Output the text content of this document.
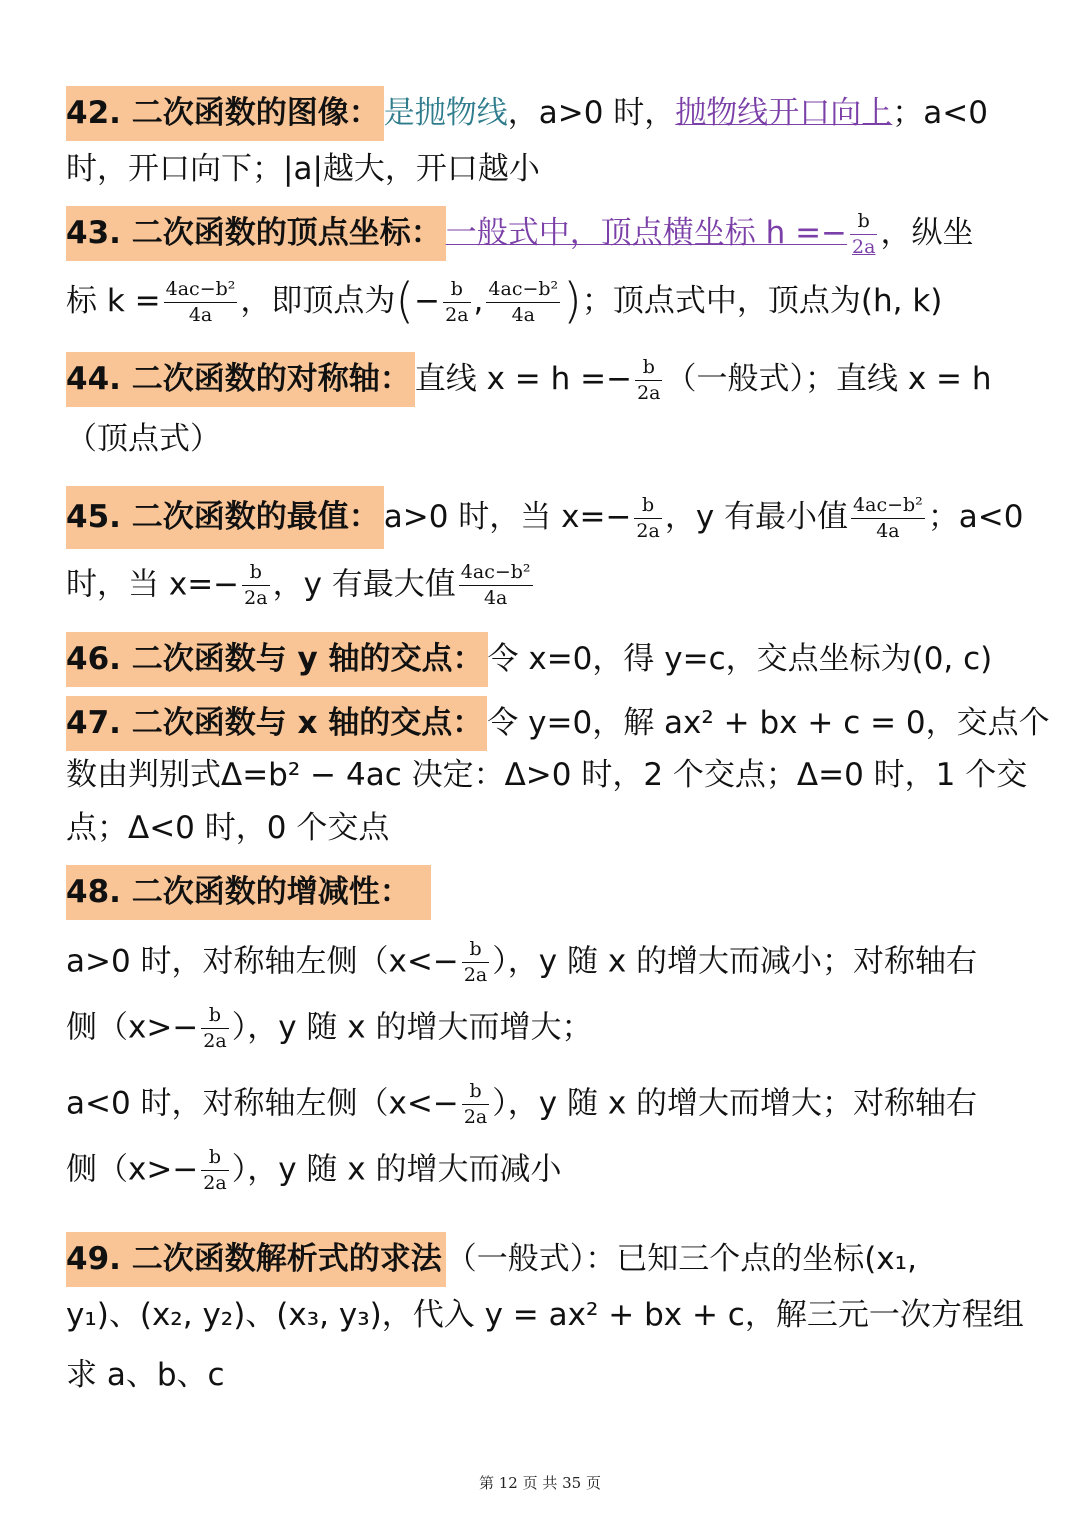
42. 二次函数的图像： 是抛物线，a>0 时，抛物线开口向上；a<0
时，开口向下；|a|越大，开口越小
43. 二次函数的顶点坐标： 一般式中，顶点横坐标 $h =- \frac{b}{2a}$ ，纵坐
标 $k = \frac{\text{4ac−b²}}{4a}$ ，即顶点为(− $\frac{b}{2a}$ , $\frac{\text{4ac−b²}}{4a}$ )；顶点式中，顶点为(h, k)
44. 二次函数的对称轴： 直线 $x = h =- \frac{b}{2a}$ （一般式）；直线 x = h
（顶点式）
45. 二次函数的最值： a>0 时，当 $x=- \frac{b}{2a}$ ，y 有最小值 $\frac{\text{4ac−b²}}{4a}$ ；a<0
时，当 $x=- \frac{b}{2a}$ ，y 有最大值 $\frac{\text{4ac−b²}}{4a}$
46. 二次函数与 y 轴的交点： 令 x=0，得 y=c，交点坐标为(0, c)
47. 二次函数与 x 轴的交点： 令 y=0，解 ax² + bx + c = 0，交点个
数由判别式Δ=b² − 4ac 决定：Δ>0 时，2 个交点；Δ=0 时，1 个交
点；Δ<0 时，0 个交点
48. 二次函数的增减性：
a>0 时，对称轴左侧（$x<- \frac{b}{2a}$ ），y 随 x 的增大而减小；对称轴右
侧（$x>- \frac{b}{2a}$ ），y 随 x 的增大而增大；
a<0 时，对称轴左侧（$x<- \frac{b}{2a}$ ），y 随 x 的增大而增大；对称轴右
侧（$x>- \frac{b}{2a}$ ），y 随 x 的增大而减小
49. 二次函数解析式的求法 （一般式）：已知三个点的坐标(x₁,
y₁)、(x₂, y₂)、(x₃, y₃)，代入 y = ax² + bx + c，解三元一次方程组
求 a、b、c
第 12 页 共 35 页
